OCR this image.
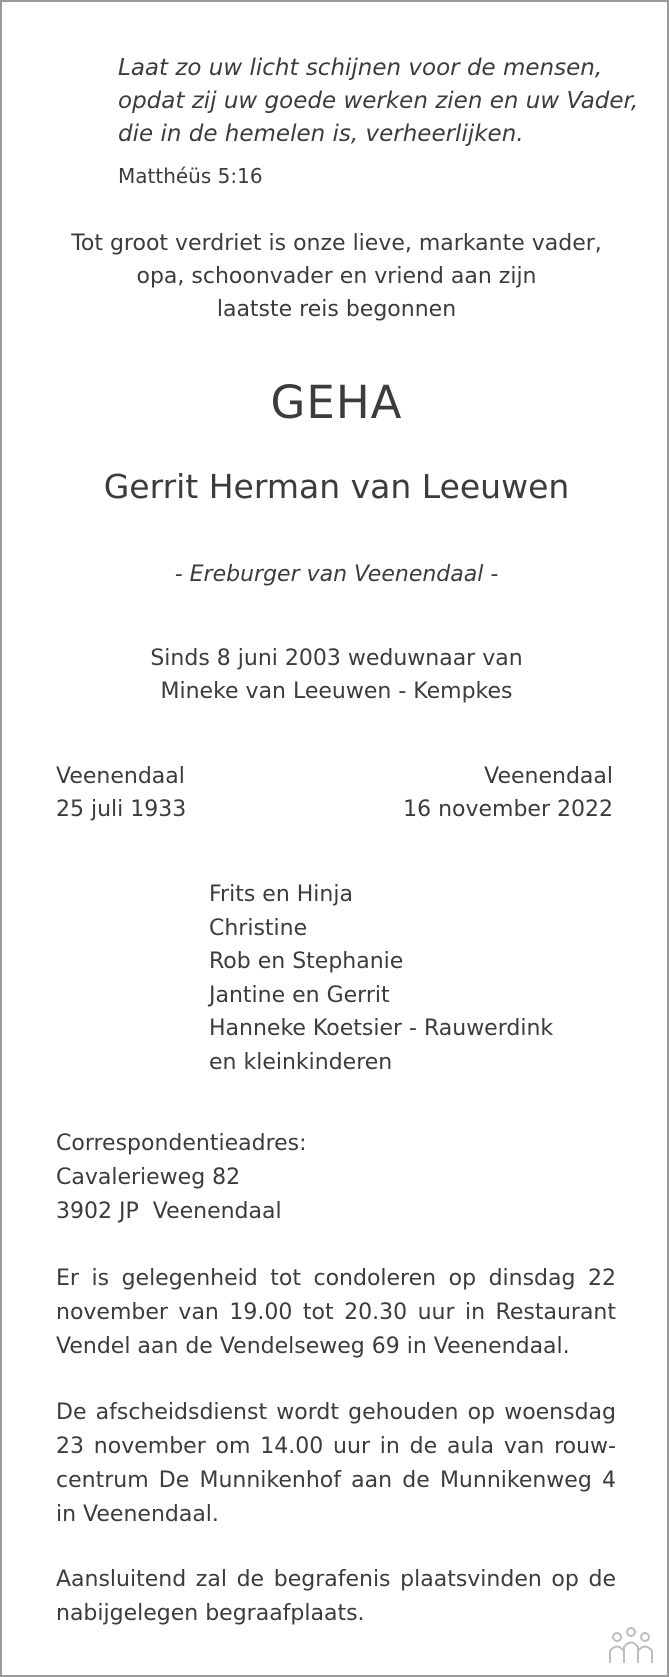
Laat zo uw licht schijnen voor de mensen,
opdat zij uw goede werken zien en uw Vader,
die in de hemelen is, verheerlijken.
Matthéüs 5:16
Tot groot verdriet is onze lieve, markante vader,
opa, schoonvader en vriend aan zijn
laatste reis begonnen
GEHA
Gerrit Herman van Leeuwen
- Ereburger van Veenendaal -
Sinds 8 juni 2003 weduwnaar van
Mineke van Leeuwen - Kempkes
Veenendaal
25 juli 1933
Veenendaal
16 november 2022
Frits en Hinja
Christine
Rob en Stephanie
Jantine en Gerrit
Hanneke Koetsier - Rauwerdink
en kleinkinderen
Correspondentieadres:
Cavalerieweg 82
3902 JP  Veenendaal
Er is gelegenheid tot condoleren op dinsdag 22 november van 19.00 tot 20.30 uur in Restaurant Vendel aan de Vendelseweg 69 in Veenendaal.
De afscheidsdienst wordt gehouden op woensdag 23 november om 14.00 uur in de aula van rouwcentrum De Munnikenhof aan de Munnikenweg 4 in Veenendaal.
Aansluitend zal de begrafenis plaatsvinden op de nabijgelegen begraafplaats.
